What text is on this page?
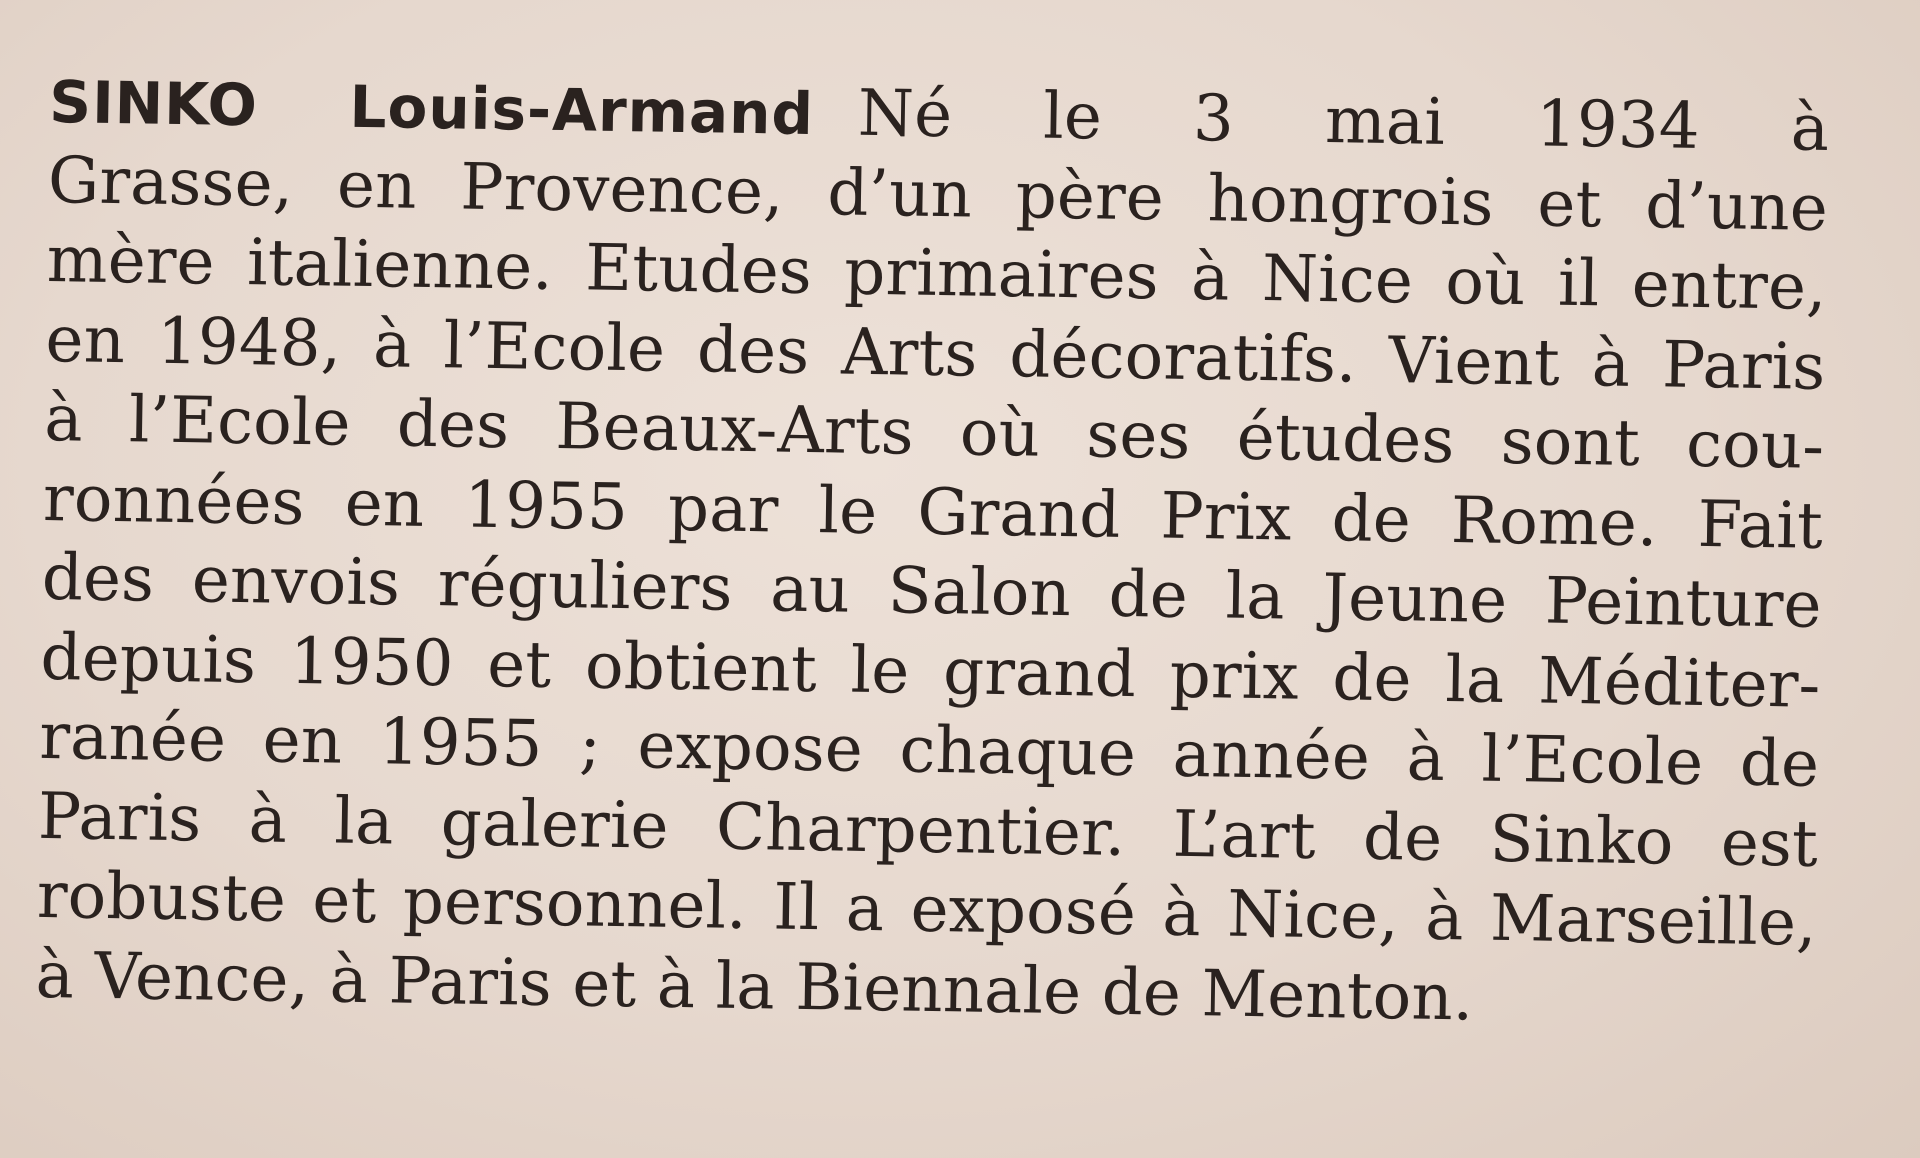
SINKO Louis-Armand Né le 3 mai 1934 à
Grasse, en Provence, d’un père hongrois et d’une
mère italienne. Etudes primaires à Nice où il entre,
en 1948, à l’Ecole des Arts décoratifs. Vient à Paris
à l’Ecole des Beaux-Arts où ses études sont cou-
ronnées en 1955 par le Grand Prix de Rome. Fait
des envois réguliers au Salon de la Jeune Peinture
depuis 1950 et obtient le grand prix de la Méditer-
ranée en 1955 ; expose chaque année à l’Ecole de
Paris à la galerie Charpentier. L’art de Sinko est
robuste et personnel. Il a exposé à Nice, à Marseille,
à Vence, à Paris et à la Biennale de Menton.
